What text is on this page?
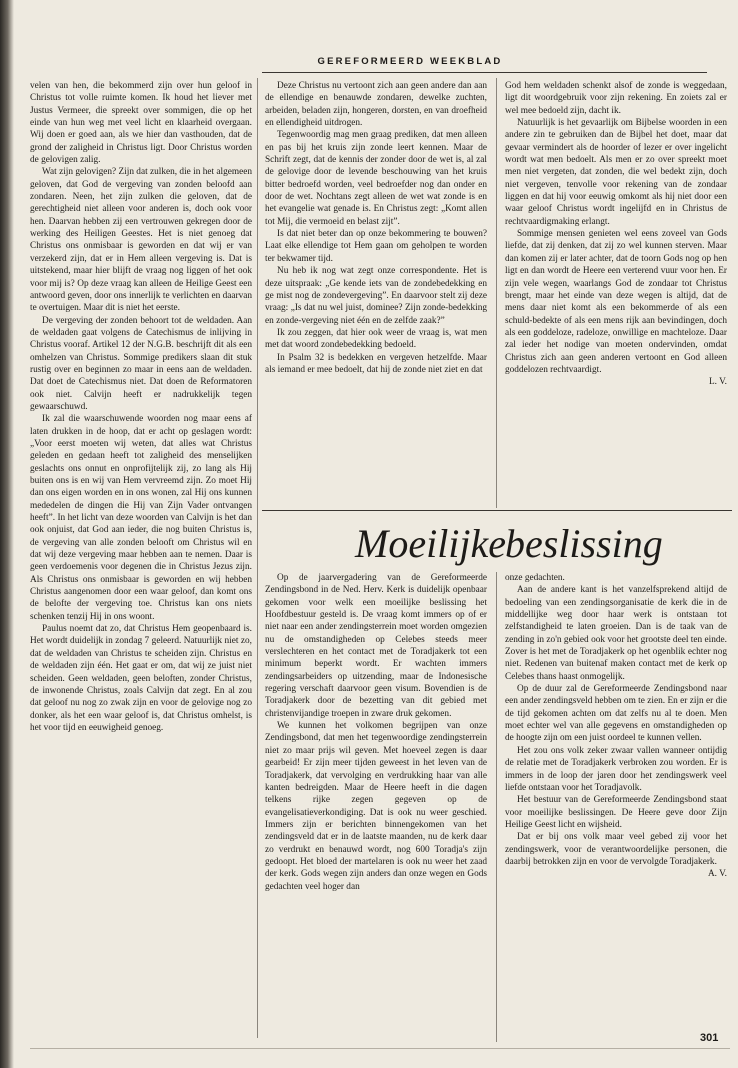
GEREFORMEERD WEEKBLAD

velen van hen, die bekommerd zijn over hun geloof in Christus tot volle ruimte komen. Ik houd het liever met Justus Vermeer, die spreekt over sommigen, die op het einde van hun weg met veel licht en klaarheid overgaan. Wij doen er goed aan, als we hier dan vasthouden, dat de grond der zaligheid in Christus ligt. Door Christus worden de gelovigen zalig.

Wat zijn gelovigen? Zijn dat zulken, die in het algemeen geloven, dat God de vergeving van zonden beloofd aan zondaren. Neen, het zijn zulken die geloven, dat de gerechtigheid niet alleen voor anderen is, doch ook voor hen. Daarvan hebben zij een vertrouwen gekregen door de werking des Heiligen Geestes. Het is niet genoeg dat Christus ons onmisbaar is geworden en dat wij er van verzekerd zijn, dat er in Hem alleen vergeving is. Dat is uitstekend, maar hier blijft de vraag nog liggen of het ook voor mij is? Op deze vraag kan alleen de Heilige Geest een antwoord geven, door ons innerlijk te verlichten en daarvan te overtuigen. Maar dit is niet het eerste.

De vergeving der zonden behoort tot de weldaden. Aan de weldaden gaat volgens de Catechismus de inlijving in Christus vooraf. Artikel 12 der N.G.B. beschrijft dit als een omhelzen van Christus. Sommige predikers slaan dit stuk rustig over en beginnen zo maar in eens aan de weldaden. Dat doet de Catechismus niet. Dat doen de Reformatoren ook niet. Calvijn heeft er nadrukkelijk tegen gewaarschuwd.

Ik zal die waarschuwende woorden nog maar eens af laten drukken in de hoop, dat er acht op geslagen wordt: „Voor eerst moeten wij weten, dat alles wat Christus geleden en gedaan heeft tot zaligheid des menselijken geslachts ons onnut en onprofijtelijk zij, zo lang als Hij buiten ons is en wij van Hem vervreemd zijn. Zo moet Hij dan ons eigen worden en in ons wonen, zal Hij ons kunnen mededelen de dingen die Hij van Zijn Vader ontvangen heeft”. In het licht van deze woorden van Calvijn is het dan ook onjuist, dat God aan ieder, die nog buiten Christus is, de vergeving van alle zonden belooft om Christus wil en dat wij deze vergeving maar hebben aan te nemen. Daar is geen verdoemenis voor degenen die in Christus Jezus zijn. Als Christus ons onmisbaar is geworden en wij hebben Christus aangenomen door een waar geloof, dan komt ons de belofte der vergeving toe. Christus kan ons niets schenken tenzij Hij in ons woont.

Paulus noemt dat zo, dat Christus Hem geopenbaard is. Het wordt duidelijk in zondag 7 geleerd. Natuurlijk niet zo, dat de weldaden van Christus te scheiden zijn. Christus en de weldaden zijn één. Het gaat er om, dat wij ze juist niet scheiden. Geen weldaden, geen beloften, zonder Christus, de inwonende Christus, zoals Calvijn dat zegt. En al zou dat geloof nu nog zo zwak zijn en voor de gelovige nog zo donker, als het een waar geloof is, dat Christus omhelst, is het voor tijd en eeuwigheid genoeg.

Deze Christus nu vertoont zich aan geen andere dan aan de ellendige en benauwde zondaren, dewelke zuchten, arbeiden, beladen zijn, hongeren, dorsten, en van droefheid en ellendigheid uitdrogen.

Tegenwoordig mag men graag prediken, dat men alleen en pas bij het kruis zijn zonde leert kennen. Maar de Schrift zegt, dat de kennis der zonder door de wet is, al zal de gelovige door de levende beschouwing van het kruis bitter bedroefd worden, veel bedroefder nog dan onder en door de wet. Nochtans zegt alleen de wet wat zonde is en het evangelie wat genade is. En Christus zegt: „Komt allen tot Mij, die vermoeid en belast zijt”.

Is dat niet beter dan op onze bekommering te bouwen? Laat elke ellendige tot Hem gaan om geholpen te worden ter bekwamer tijd.

Nu heb ik nog wat zegt onze correspondente. Het is deze uitspraak: „Ge kende iets van de zondebedekking en ge mist nog de zondevergeving”. En daarvoor stelt zij deze vraag: „Is dat nu wel juist, dominee? Zijn zonde-bedekking en zonde-vergeving niet één en de zelfde zaak?”

Ik zou zeggen, dat hier ook weer de vraag is, wat men met dat woord zondebedekking bedoeld.

In Psalm 32 is bedekken en vergeven hetzelfde. Maar als iemand er mee bedoelt, dat hij de zonde niet ziet en dat

God hem weldaden schenkt alsof de zonde is weggedaan, ligt dit woordgebruik voor zijn rekening. En zoiets zal er wel mee bedoeld zijn, dacht ik.

Natuurlijk is het gevaarlijk om Bijbelse woorden in een andere zin te gebruiken dan de Bijbel het doet, maar dat gevaar vermindert als de hoorder of lezer er over ingelicht wordt wat men bedoelt. Als men er zo over spreekt moet men niet vergeten, dat zonden, die wel bedekt zijn, doch niet vergeven, tenvolle voor rekening van de zondaar liggen en dat hij voor eeuwig omkomt als hij niet door een waar geloof Christus wordt ingelijfd en in Christus de rechtvaardigmaking erlangt.

Sommige mensen genieten wel eens zoveel van Gods liefde, dat zij denken, dat zij zo wel kunnen sterven. Maar dan komen zij er later achter, dat de toorn Gods nog op hen ligt en dan wordt de Heere een verterend vuur voor hen. Er zijn vele wegen, waarlangs God de zondaar tot Christus brengt, maar het einde van deze wegen is altijd, dat de mens daar niet komt als een bekommerde of als een schuld-bedekte of als een mens rijk aan bevindingen, doch als een goddeloze, radeloze, onwillige en machteloze. Daar zal ieder het nodige van moeten ondervinden, omdat Christus zich aan geen anderen vertoont en God alleen goddelozen rechtvaardigt.

L. V.

Moeilijke
beslissing

Op de jaarvergadering van de Gereformeerde Zendingsbond in de Ned. Herv. Kerk is duidelijk openbaar gekomen voor welk een moeilijke beslissing het Hoofdbestuur gesteld is. De vraag komt immers op of er niet naar een ander zendingsterrein moet worden omgezien nu de omstandigheden op Celebes steeds meer verslechteren en het contact met de Toradjakerk tot een minimum beperkt wordt. Er wachten immers zendingsarbeiders op uitzending, maar de Indonesische regering verschaft daarvoor geen visum. Bovendien is de Toradjakerk door de bezetting van dit gebied met christenvijandige troepen in zware druk gekomen.

We kunnen het volkomen begrijpen van onze Zendingsbond, dat men het tegenwoordige zendingsterrein niet zo maar prijs wil geven. Met hoeveel zegen is daar gearbeid! Er zijn meer tijden geweest in het leven van de Toradjakerk, dat vervolging en verdrukking haar van alle kanten bedreigden. Maar de Heere heeft in die dagen telkens rijke zegen gegeven op de evangelisatieverkondiging. Dat is ook nu weer geschied. Immers zijn er berichten binnengekomen van het zendingsveld dat er in de laatste maanden, nu de kerk daar zo verdrukt en benauwd wordt, nog 600 Toradja's zijn gedoopt. Het bloed der martelaren is ook nu weer het zaad der kerk. Gods wegen zijn anders dan onze wegen en Gods gedachten veel hoger dan

onze gedachten.

Aan de andere kant is het vanzelfsprekend altijd de bedoeling van een zendingsorganisatie de kerk die in de middellijke weg door haar werk is ontstaan tot zelfstandigheid te laten groeien. Dan is de taak van de zending in zo'n gebied ook voor het grootste deel ten einde. Zover is het met de Toradjakerk op het ogenblik echter nog niet. Redenen van buitenaf maken contact met de kerk op Celebes thans haast onmogelijk.

Op de duur zal de Gereformeerde Zendingsbond naar een ander zendingsveld hebben om te zien. En er zijn er die de tijd gekomen achten om dat zelfs nu al te doen. Men moet echter wel van alle gegevens en omstandigheden op de hoogte zijn om een juist oordeel te kunnen vellen.

Het zou ons volk zeker zwaar vallen wanneer ontijdig de relatie met de Toradjakerk verbroken zou worden. Er is immers in de loop der jaren door het zendingswerk veel liefde ontstaan voor het Toradjavolk.

Het bestuur van de Gereformeerde Zendingsbond staat voor moeilijke beslissingen. De Heere geve door Zijn Heilige Geest licht en wijsheid.

Dat er bij ons volk maar veel gebed zij voor het zendingswerk, voor de verantwoordelijke personen, die daarbij betrokken zijn en voor de vervolgde Toradjakerk.

A. V.

301
